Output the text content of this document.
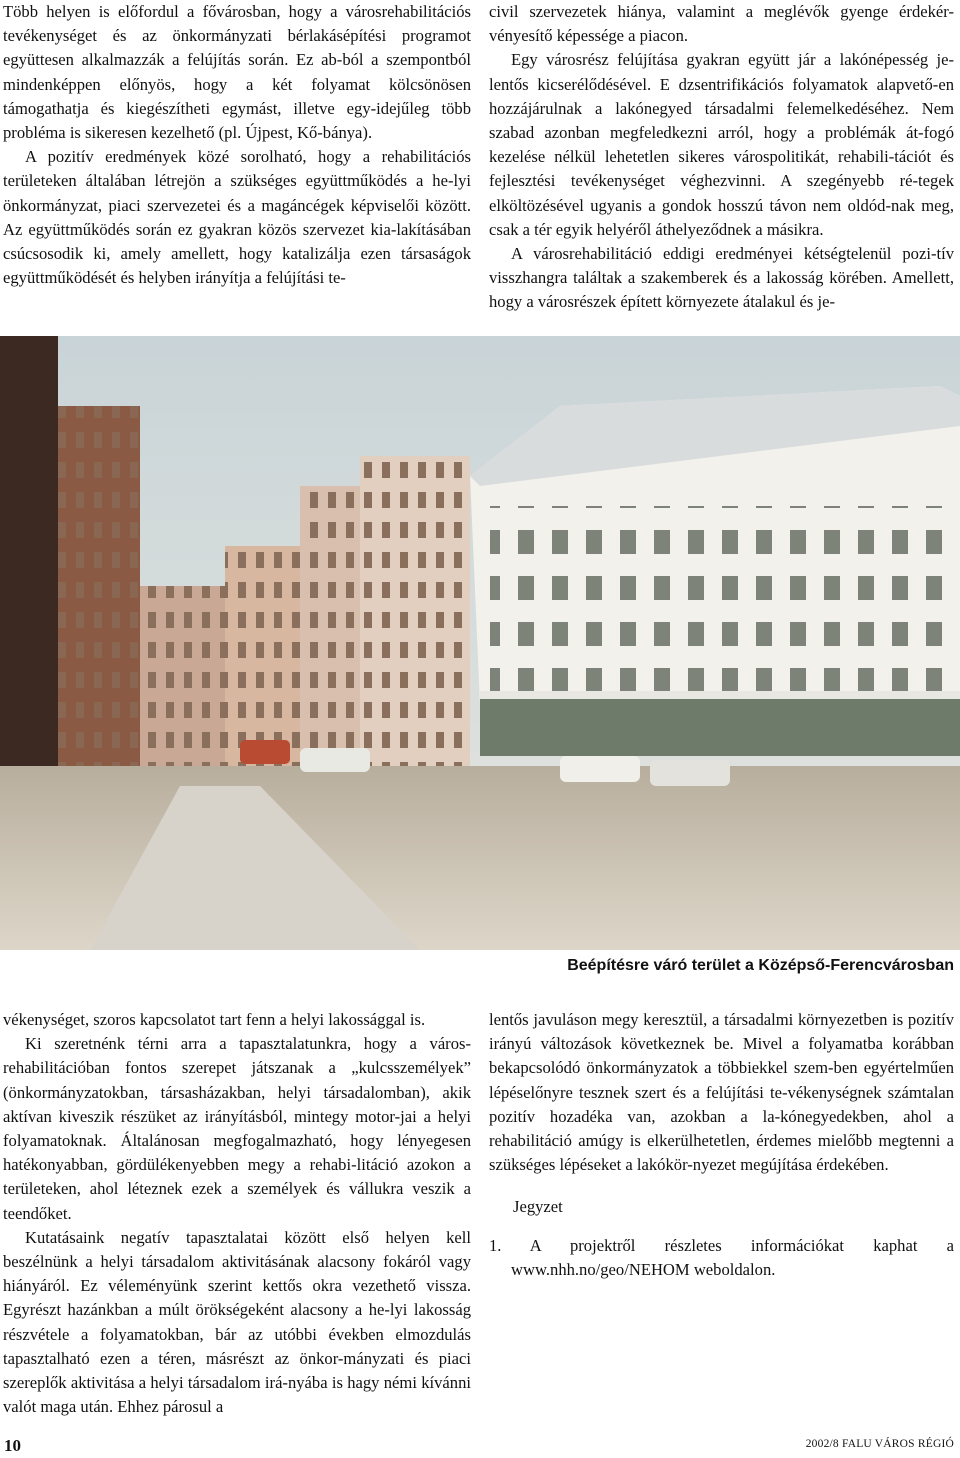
Több helyen is előfordul a fővárosban, hogy a városrehabilitációs tevékenységet és az önkormányzati bérlakásépítési programot együttesen alkalmazzák a felújítás során. Ez ab-ból a szempontból mindenképpen előnyös, hogy a két folyamat kölcsönösen támogathatja és kiegészítheti egymást, illetve egy-idejűleg több probléma is sikeresen kezelhető (pl. Újpest, Kő-bánya).

A pozitív eredmények közé sorolható, hogy a rehabilitációs területeken általában létrejön a szükséges együttműködés a he-lyi önkormányzat, piaci szervezetei és a magáncégek képviselői között. Az együttműködés során ez gyakran közös szervezet kia-lakításában csúcsosodik ki, amely amellett, hogy katalizálja ezen társaságok együttműködését és helyben irányítja a felújítási te-

civil szervezetek hiánya, valamint a meglévők gyenge érdekér-vényesítő képessége a piacon.

Egy városrész felújítása gyakran együtt jár a lakónépesség je-lentős kicserélődésével. E dzsentrifikációs folyamatok alapvető-en hozzájárulnak a lakónegyed társadalmi felemelkedéséhez. Nem szabad azonban megfeledkezni arról, hogy a problémák át-fogó kezelése nélkül lehetetlen sikeres várospolitikát, rehabili-tációt és fejlesztési tevékenységet véghezvinni. A szegényebb ré-tegek elköltözésével ugyanis a gondok hosszú távon nem oldód-nak meg, csak a tér egyik helyéről áthelyeződnek a másikra.

A városrehabilitáció eddigi eredményei kétségtelenül pozi-tív visszhangra találtak a szakemberek és a lakosság körében. Amellett, hogy a városrészek épített környezete átalakul és je-

Beépítésre váró terület a Középső-Ferencvárosban

vékenységet, szoros kapcsolatot tart fenn a helyi lakossággal is.

Ki szeretnénk térni arra a tapasztalatunkra, hogy a város-rehabilitációban fontos szerepet játszanak a „kulcsszemélyek” (önkormányzatokban, társasházakban, helyi társadalomban), akik aktívan kiveszik részüket az irányításból, mintegy motor-jai a helyi folyamatoknak. Általánosan megfogalmazható, hogy lényegesen hatékonyabban, gördülékenyebben megy a rehabi-litáció azokon a területeken, ahol léteznek ezek a személyek és vállukra veszik a teendőket.

Kutatásaink negatív tapasztalatai között első helyen kell beszélnünk a helyi társadalom aktivitásának alacsony fokáról vagy hiányáról. Ez véleményünk szerint kettős okra vezethető vissza. Egyrészt hazánkban a múlt örökségeként alacsony a he-lyi lakosság részvétele a folyamatokban, bár az utóbbi években elmozdulás tapasztalható ezen a téren, másrészt az önkor-mányzati és piaci szereplők aktivitása a helyi társadalom irá-nyába is hagy némi kívánni valót maga után. Ehhez párosul a

lentős javuláson megy keresztül, a társadalmi környezetben is pozitív irányú változások következnek be. Mivel a folyamatba korábban bekapcsolódó önkormányzatok a többiekkel szem-ben egyértelműen lépéselőnyre tesznek szert és a felújítási te-vékenységnek számtalan pozitív hozadéka van, azokban a la-kónegyedekben, ahol a rehabilitáció amúgy is elkerülhetetlen, érdemes mielőbb megtenni a szükséges lépéseket a lakókör-nyezet megújítása érdekében.

Jegyzet

1. A projektről részletes információkat kaphat a www.nhh.no/geo/NEHOM weboldalon.

10	2002/8 FALU VÁROS RÉGIÓ
